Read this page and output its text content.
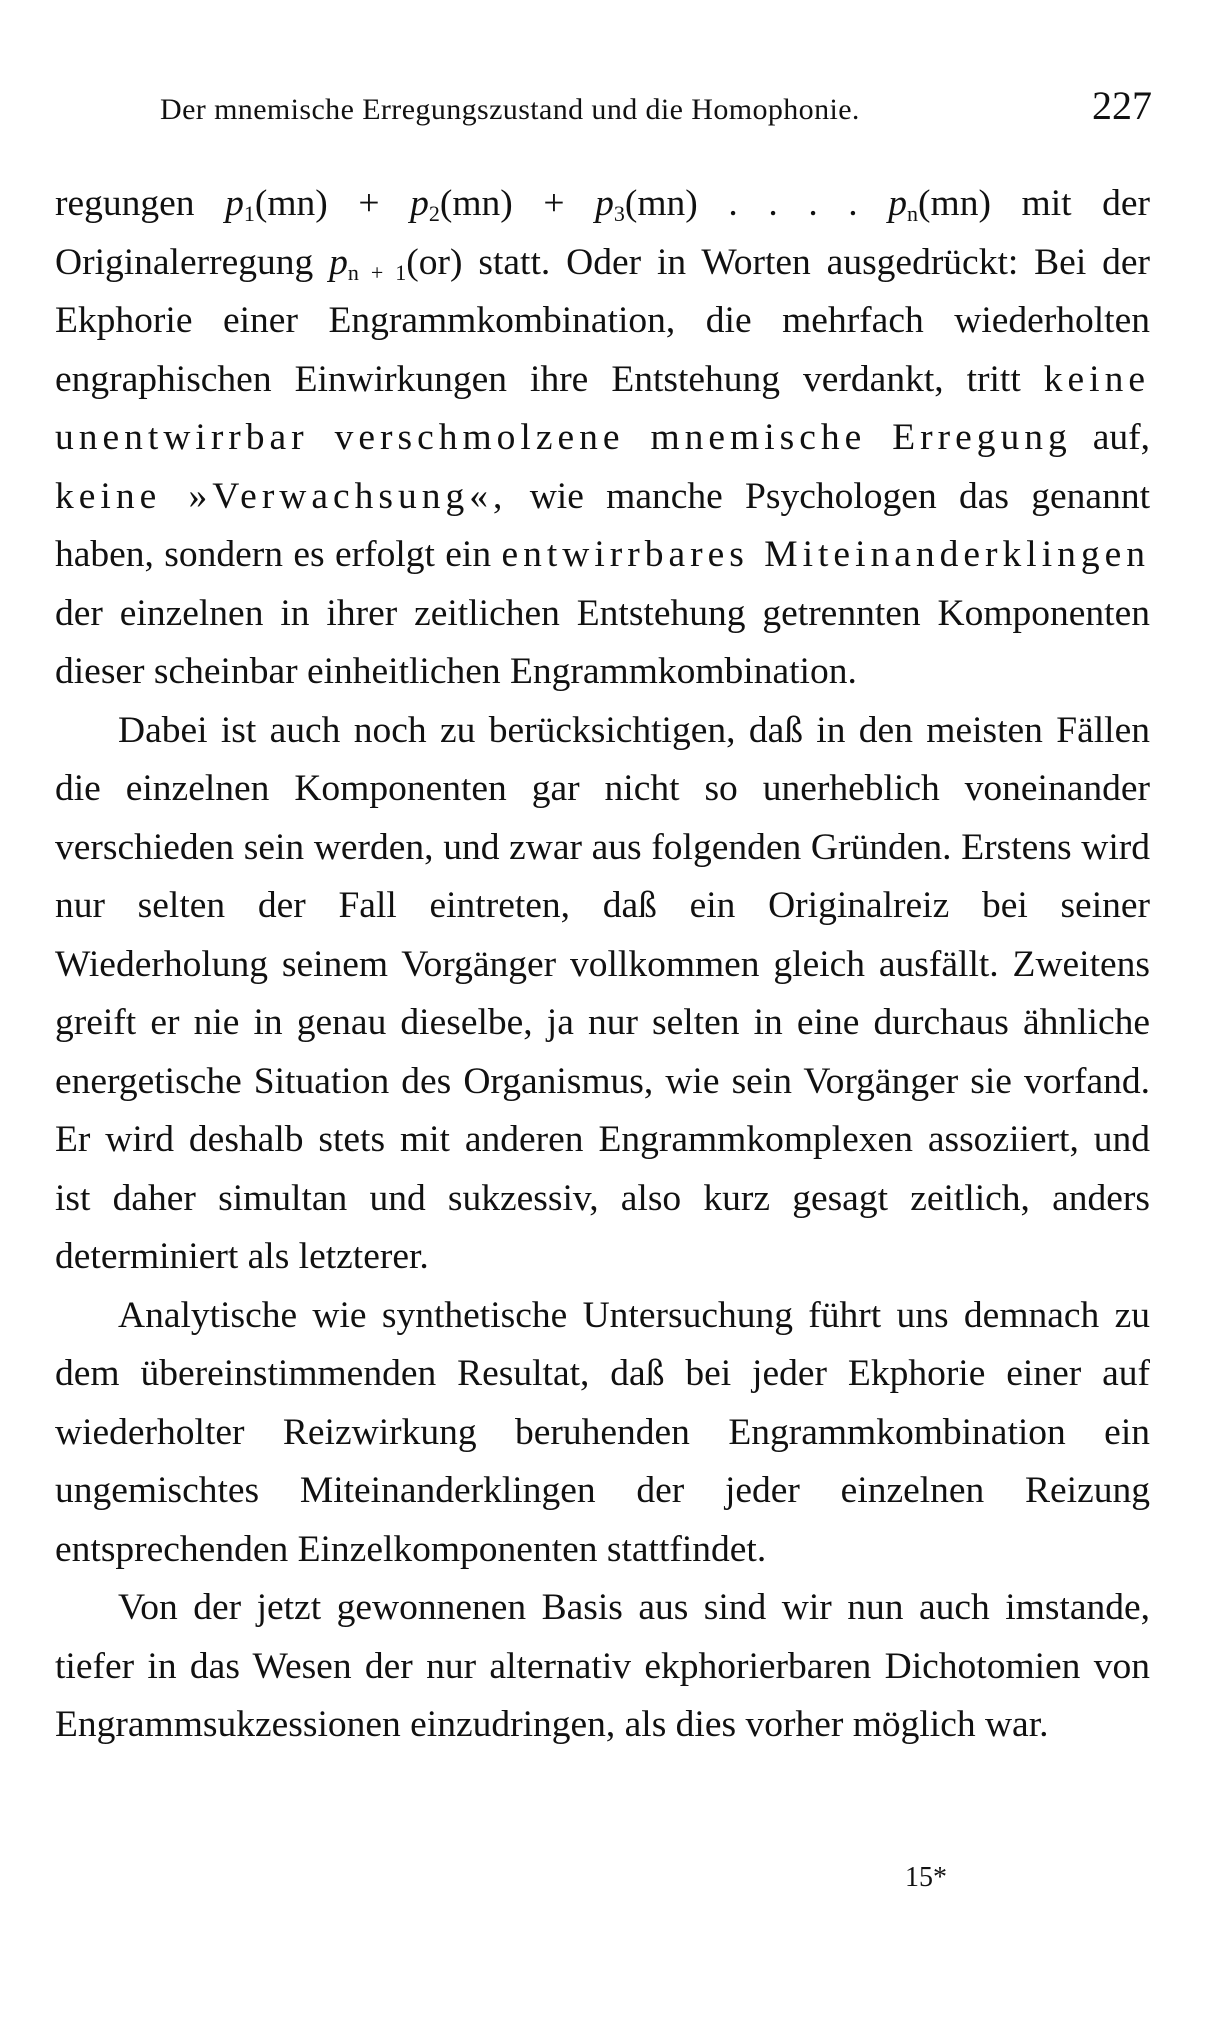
Der mnemische Erregungszustand und die Homophonie.	227

regungen $p_1(mn) + p_2(mn) + p_3(mn)$ . . . . $p_n(mn)$ mit der Originalerregung $p_{n + 1}(or)$ statt. Oder in Worten ausgedrückt: Bei der Ekphorie einer Engrammkombination, die mehrfach wiederholten engraphischen Einwirkungen ihre Entstehung verdankt, tritt keine unentwirrbar verschmolzene mnemische Erregung auf, keine »Verwachsung«, wie manche Psychologen das genannt haben, sondern es erfolgt ein entwirrbares Miteinanderklingen der einzelnen in ihrer zeitlichen Entstehung getrennten Komponenten dieser scheinbar einheitlichen Engrammkombination.

Dabei ist auch noch zu berücksichtigen, daß in den meisten Fällen die einzelnen Komponenten gar nicht so unerheblich voneinander verschieden sein werden, und zwar aus folgenden Gründen. Erstens wird nur selten der Fall eintreten, daß ein Originalreiz bei seiner Wiederholung seinem Vorgänger vollkommen gleich ausfällt. Zweitens greift er nie in genau dieselbe, ja nur selten in eine durchaus ähnliche energetische Situation des Organismus, wie sein Vorgänger sie vorfand. Er wird deshalb stets mit anderen Engrammkomplexen assoziiert, und ist daher simultan und sukzessiv, also kurz gesagt zeitlich, anders determiniert als letzterer.

Analytische wie synthetische Untersuchung führt uns demnach zu dem übereinstimmenden Resultat, daß bei jeder Ekphorie einer auf wiederholter Reizwirkung beruhenden Engrammkombination ein ungemischtes Miteinanderklingen der jeder einzelnen Reizung entsprechenden Einzelkomponenten stattfindet.

Von der jetzt gewonnenen Basis aus sind wir nun auch imstande, tiefer in das Wesen der nur alternativ ekphorierbaren Dichotomien von Engrammsukzessionen einzudringen, als dies vorher möglich war.

15*
